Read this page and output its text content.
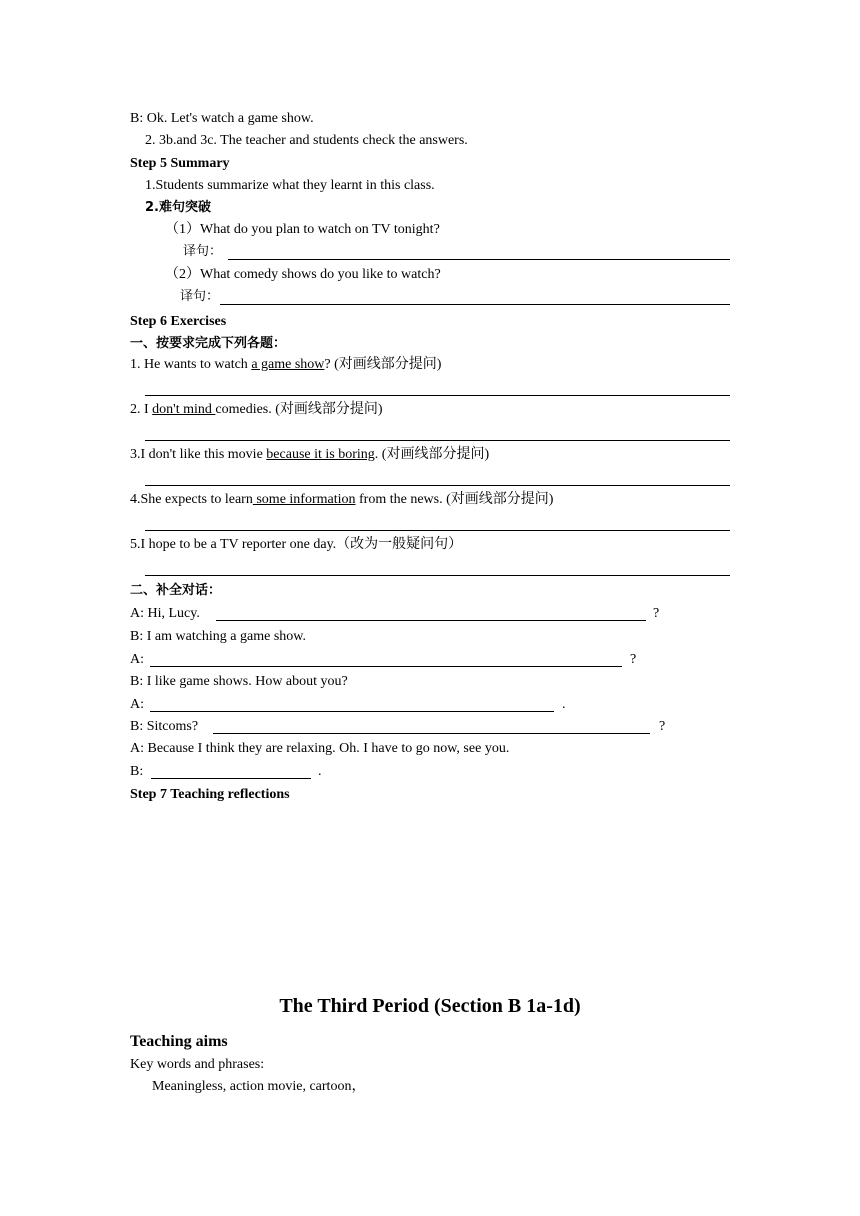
B: Ok. Let's watch a game show.
2. 3b.and 3c. The teacher and students check the answers.
Step 5 Summary
1.Students summarize what they learnt in this class.
2.难句突破
（1）What do you plan to watch on TV tonight?
译句：
（2）What comedy shows do you like to watch?
译句：
Step 6 Exercises
一、按要求完成下列各题：
1. He wants to watch a game show? (对画线部分提问)
2. I don't mind comedies. (对画线部分提问)
3.I don't like this movie because it is boring. (对画线部分提问)
4.She expects to learn some information from the news. (对画线部分提问)
5.I hope to be a TV reporter one day.（改为一般疑问句）
二、补全对话：
A: Hi, Lucy.	?
B: I am watching a game show.
A:	?
B: I like game shows. How about you?
A:	.
B: Sitcoms?	?
A: Because I think they are relaxing. Oh. I have to go now, see you.
B:	.
Step 7 Teaching reflections
The Third Period (Section B 1a-1d)
Teaching aims
Key words and phrases:
Meaningless, action movie, cartoon，
